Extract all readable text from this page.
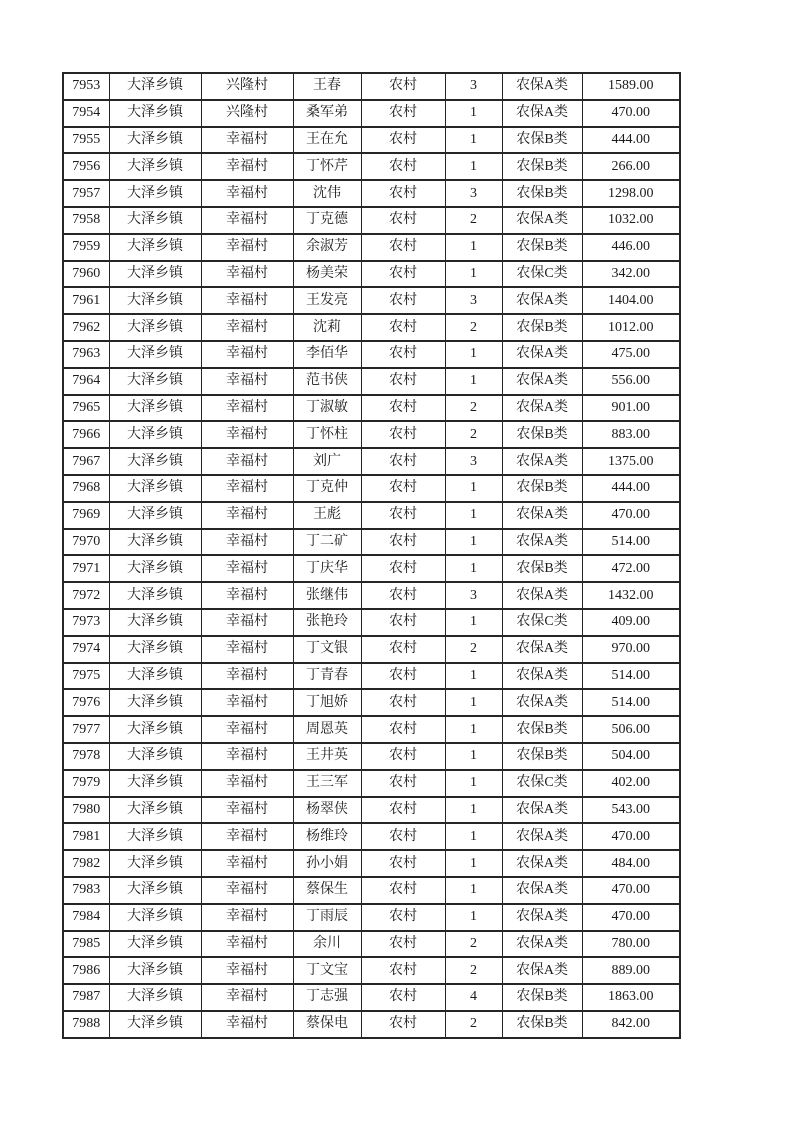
7953	大泽乡镇	兴隆村	王春	农村	3	农保A类	1589.00
7954	大泽乡镇	兴隆村	桑军弟	农村	1	农保A类	470.00
7955	大泽乡镇	幸福村	王在允	农村	1	农保B类	444.00
7956	大泽乡镇	幸福村	丁怀芹	农村	1	农保B类	266.00
7957	大泽乡镇	幸福村	沈伟	农村	3	农保B类	1298.00
7958	大泽乡镇	幸福村	丁克德	农村	2	农保A类	1032.00
7959	大泽乡镇	幸福村	余淑芳	农村	1	农保B类	446.00
7960	大泽乡镇	幸福村	杨美荣	农村	1	农保C类	342.00
7961	大泽乡镇	幸福村	王发亮	农村	3	农保A类	1404.00
7962	大泽乡镇	幸福村	沈莉	农村	2	农保B类	1012.00
7963	大泽乡镇	幸福村	李佰华	农村	1	农保A类	475.00
7964	大泽乡镇	幸福村	范书侠	农村	1	农保A类	556.00
7965	大泽乡镇	幸福村	丁淑敏	农村	2	农保A类	901.00
7966	大泽乡镇	幸福村	丁怀柱	农村	2	农保B类	883.00
7967	大泽乡镇	幸福村	刘广	农村	3	农保A类	1375.00
7968	大泽乡镇	幸福村	丁克仲	农村	1	农保B类	444.00
7969	大泽乡镇	幸福村	王彪	农村	1	农保A类	470.00
7970	大泽乡镇	幸福村	丁二矿	农村	1	农保A类	514.00
7971	大泽乡镇	幸福村	丁庆华	农村	1	农保B类	472.00
7972	大泽乡镇	幸福村	张继伟	农村	3	农保A类	1432.00
7973	大泽乡镇	幸福村	张艳玲	农村	1	农保C类	409.00
7974	大泽乡镇	幸福村	丁文银	农村	2	农保A类	970.00
7975	大泽乡镇	幸福村	丁青春	农村	1	农保A类	514.00
7976	大泽乡镇	幸福村	丁旭娇	农村	1	农保A类	514.00
7977	大泽乡镇	幸福村	周恩英	农村	1	农保B类	506.00
7978	大泽乡镇	幸福村	王井英	农村	1	农保B类	504.00
7979	大泽乡镇	幸福村	王三军	农村	1	农保C类	402.00
7980	大泽乡镇	幸福村	杨翠侠	农村	1	农保A类	543.00
7981	大泽乡镇	幸福村	杨维玲	农村	1	农保A类	470.00
7982	大泽乡镇	幸福村	孙小娟	农村	1	农保A类	484.00
7983	大泽乡镇	幸福村	蔡保生	农村	1	农保A类	470.00
7984	大泽乡镇	幸福村	丁雨辰	农村	1	农保A类	470.00
7985	大泽乡镇	幸福村	余川	农村	2	农保A类	780.00
7986	大泽乡镇	幸福村	丁文宝	农村	2	农保A类	889.00
7987	大泽乡镇	幸福村	丁志强	农村	4	农保B类	1863.00
7988	大泽乡镇	幸福村	蔡保电	农村	2	农保B类	842.00
